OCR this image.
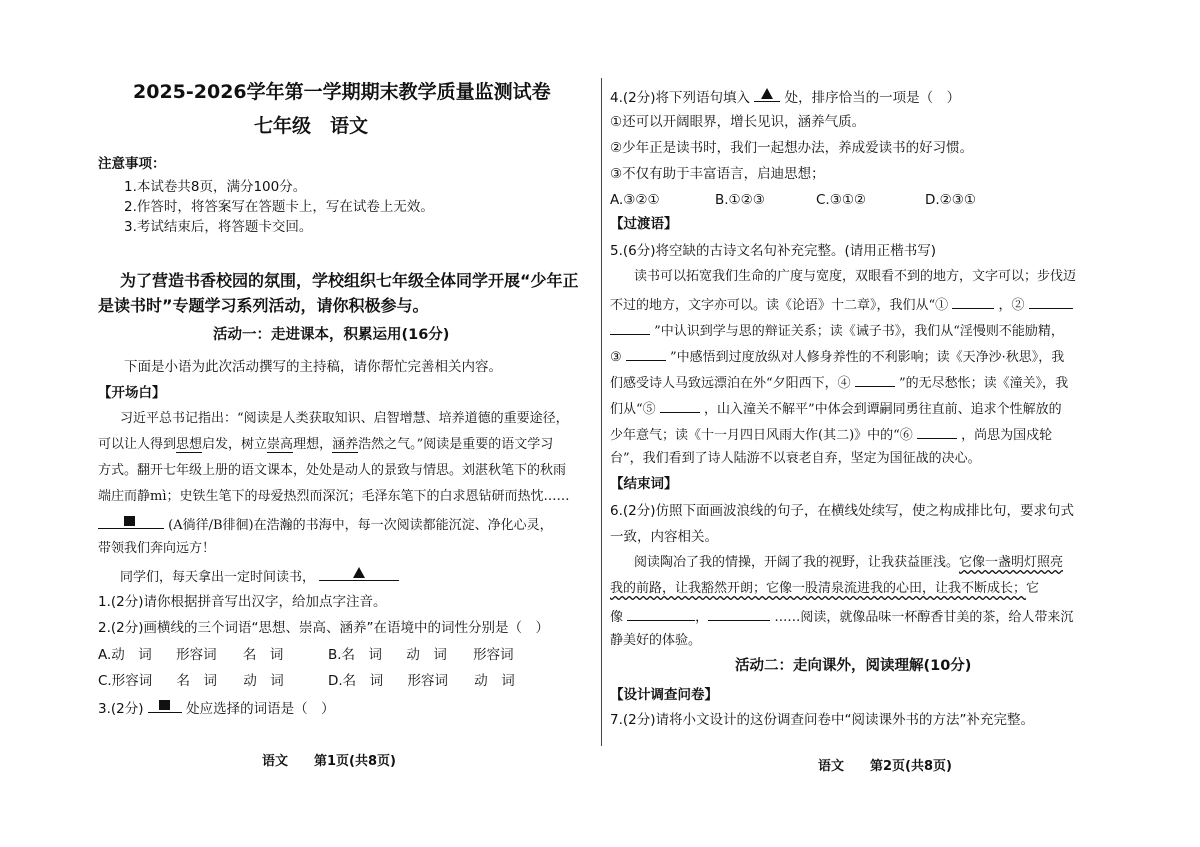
2025-2026学年第一学期期末教学质量监测试卷
七年级　语文
注意事项：
1.本试卷共8页，满分100分。
2.作答时，将答案写在答题卡上，写在试卷上无效。
3.考试结束后，将答题卡交回。
为了营造书香校园的氛围，学校组织七年级全体同学开展“少年正
是读书时”专题学习系列活动，请你积极参与。
活动一：走进课本，积累运用(16分)
下面是小语为此次活动撰写的主持稿，请你帮忙完善相关内容。
【开场白】
习近平总书记指出：“阅读是人类获取知识、启智增慧、培养道德的重要途径，
可以让人得到思想启发，树立崇高理想，涵养浩然之气。”阅读是重要的语文学习
方式。翻开七年级上册的语文课本，处处是动人的景致与情思。刘湛秋笔下的秋雨
端庄而静mì；史铁生笔下的母爱热烈而深沉；毛泽东笔下的白求恩钻研而热忱……
(A徜徉/B徘徊)在浩瀚的书海中，每一次阅读都能沉淀、净化心灵，
带领我们奔向远方！
同学们，每天拿出一定时间读书，
1.(2分)请你根据拼音写出汉字，给加点字注音。
2.(2分)画横线的三个词语“思想、崇高、涵养”在语境中的词性分别是（　）
A.动　词 形容词 名　词	B.名　词 动　词 形容词
C.形容词 名　词 动　词	D.名　词 形容词 动　词
3.(2分)	处应选择的词语是（　）
语文　　第1页(共8页)
4.(2分)将下列语句填入	处，排序恰当的一项是（　）
①还可以开阔眼界，增长见识，涵养气质。
②少年正是读书时，我们一起想办法，养成爱读书的好习惯。
③不仅有助于丰富语言，启迪思想；
A.③②①	B.①②③	C.③①②	D.②③①
【过渡语】
5.(6分)将空缺的古诗文名句补充完整。(请用正楷书写)
读书可以拓宽我们生命的广度与宽度，双眼看不到的地方，文字可以；步伐迈
不过的地方，文字亦可以。读《论语》十二章》，我们从“①	，②
”中认识到学与思的辩证关系；读《诫子书》，我们从“淫慢则不能励精，
③	”中感悟到过度放纵对人修身养性的不利影响；读《天净沙·秋思》，我
们感受诗人马致远漂泊在外“夕阳西下，④	”的无尽愁怅；读《潼关》，我
们从“⑤	，山入潼关不解平”中体会到谭嗣同勇往直前、追求个性解放的
少年意气；读《十一月四日风雨大作(其二)》中的“⑥	，尚思为国戍轮
台”，我们看到了诗人陆游不以衰老自弃，坚定为国征战的决心。
【结束词】
6.(2分)仿照下面画波浪线的句子，在横线处续写，使之构成排比句，要求句式
一致，内容相关。
阅读陶冶了我的情操，开阔了我的视野，让我获益匪浅。它像一盏明灯照亮
我的前路，让我豁然开朗；它像一股清泉流进我的心田，让我不断成长；它
像	，	……阅读，就像品味一杯醇香甘美的茶，给人带来沉
静美好的体验。
活动二：走向课外，阅读理解(10分)
【设计调查问卷】
7.(2分)请将小文设计的这份调查问卷中“阅读课外书的方法”补充完整。
语文　　第2页(共8页)
